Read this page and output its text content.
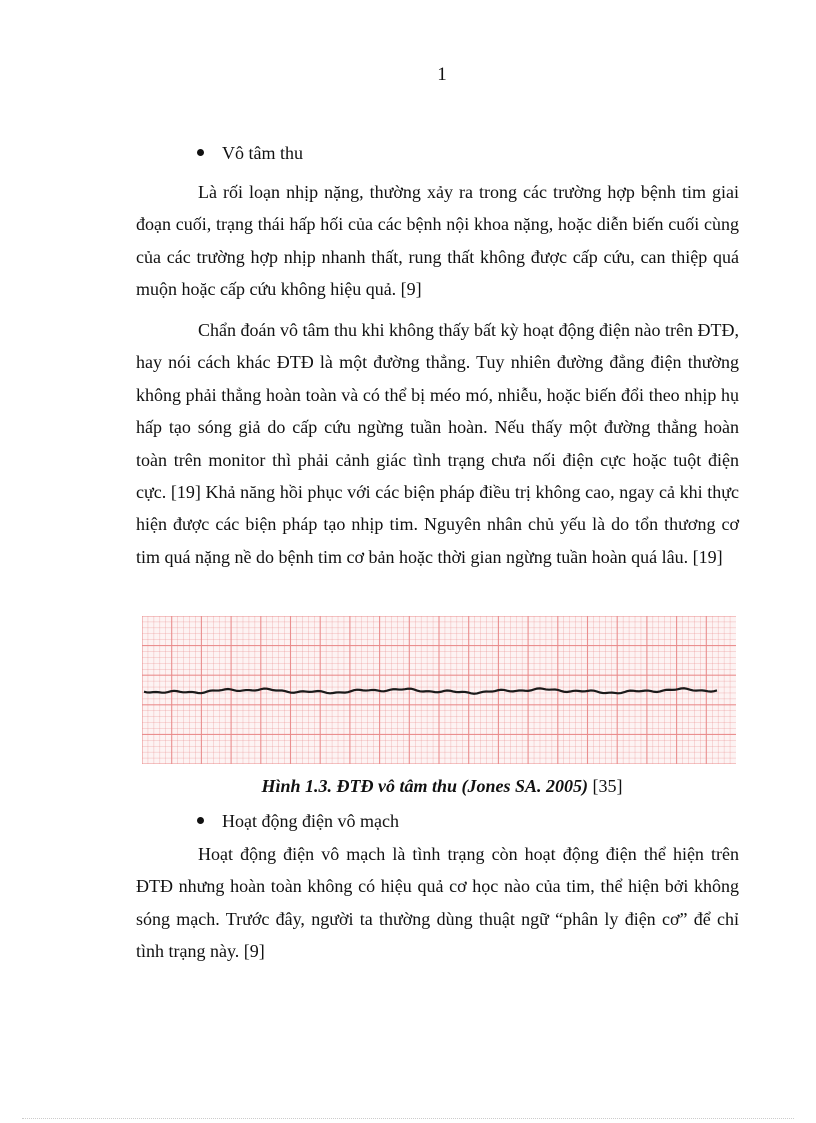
1
Vô tâm thu

Là rối loạn nhịp nặng, thường xảy ra trong các trường hợp bệnh tim giai đoạn cuối, trạng thái hấp hối của các bệnh nội khoa nặng, hoặc diễn biến cuối cùng của các trường hợp nhịp nhanh thất, rung thất không được cấp cứu, can thiệp quá muộn hoặc cấp cứu không hiệu quả. [9]

Chẩn đoán vô tâm thu khi không thấy bất kỳ hoạt động điện nào trên ĐTĐ, hay nói cách khác ĐTĐ là một đường thẳng. Tuy nhiên đường đẳng điện thường không phải thẳng hoàn toàn và có thể bị méo mó, nhiễu, hoặc biến đổi theo nhịp hụ hấp tạo sóng giả do cấp cứu ngừng tuần hoàn. Nếu thấy một đường thẳng hoàn toàn trên monitor thì phải cảnh giác tình trạng chưa nối điện cực hoặc tuột điện cực. [19] Khả năng hồi phục với các biện pháp điều trị không cao, ngay cả khi thực hiện được các biện pháp tạo nhịp tim. Nguyên nhân chủ yếu là do tổn thương cơ tim quá nặng nề do bệnh tim cơ bản hoặc thời gian ngừng tuần hoàn quá lâu. [19]

Hình 1.3. ĐTĐ vô tâm thu (Jones SA. 2005) [35]
Hoạt động điện vô mạch

Hoạt động điện vô mạch là tình trạng còn hoạt động điện thể hiện trên ĐTĐ nhưng hoàn toàn không có hiệu quả cơ học nào của tim, thể hiện bởi không sóng mạch. Trước đây, người ta thường dùng thuật ngữ “phân ly điện cơ” để chỉ tình trạng này. [9]
